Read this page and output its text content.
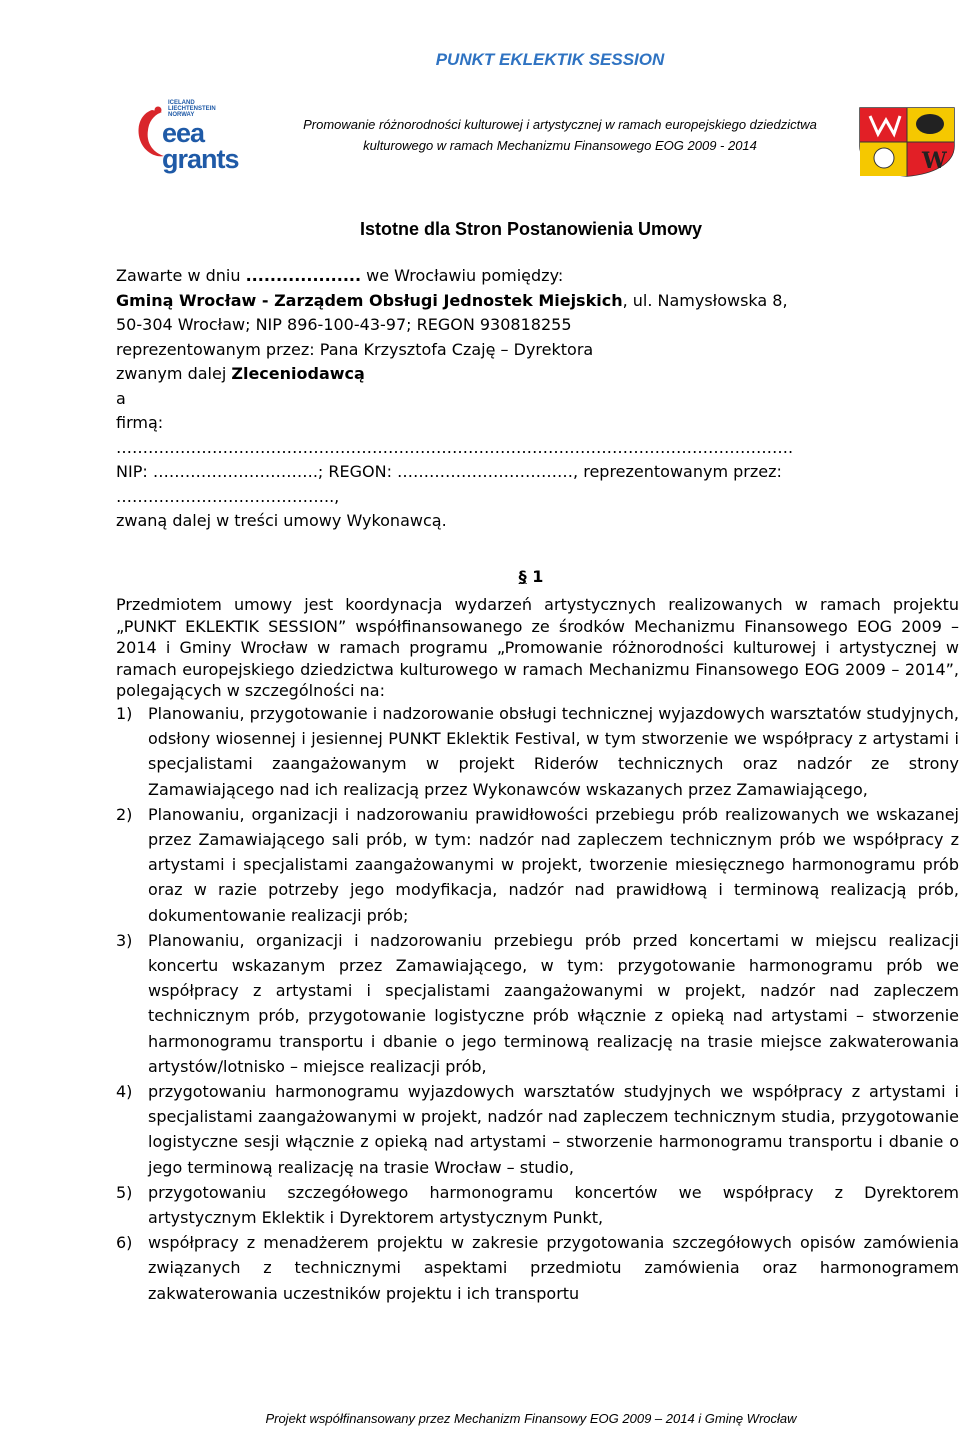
PUNKT EKLEKTIK SESSION
ICELAND
LIECHTENSTEIN
NORWAY
eea
grants
Promowanie różnorodności kulturowej i artystycznej w ramach europejskiego dziedzictwa
kulturowego w ramach Mechanizmu Finansowego EOG 2009 - 2014
W
Istotne dla Stron Postanowienia Umowy

Zawarte w dniu ................... we Wrocławiu pomiędzy:

Gminą Wrocław - Zarządem Obsługi Jednostek Miejskich, ul. Namysłowska 8,

50-304 Wrocław; NIP 896-100-43-97; REGON 930818255

reprezentowanym przez: Pana Krzysztofa Czaję – Dyrektora

zwanym dalej Zleceniodawcą

a

firmą:

……………………………………………………………………………………………………………….

NIP: ………………………….; REGON: ……………………………, reprezentowanym przez:

…………………………………..,

zwaną dalej w treści umowy Wykonawcą.

§ 1

Przedmiotem umowy jest koordynacja wydarzeń artystycznych realizowanych w ramach projektu „PUNKT EKLEKTIK SESSION” współfinansowanego ze środków Mechanizmu Finansowego EOG 2009 – 2014 i Gminy Wrocław w ramach programu „Promowanie różnorodności kulturowej i artystycznej w ramach europejskiego dziedzictwa kulturowego w ramach Mechanizmu Finansowego EOG 2009 – 2014”, polegających w szczególności na:

1) Planowaniu, przygotowanie i nadzorowanie obsługi technicznej wyjazdowych warsztatów studyjnych, odsłony wiosennej i jesiennej PUNKT Eklektik Festival, w tym stworzenie we współpracy z artystami i specjalistami zaangażowanym w projekt Riderów technicznych oraz nadzór ze strony Zamawiającego nad ich realizacją przez Wykonawców wskazanych przez Zamawiającego,
2) Planowaniu, organizacji i nadzorowaniu prawidłowości przebiegu prób realizowanych we wskazanej przez Zamawiającego sali prób, w tym: nadzór nad zapleczem technicznym prób we współpracy z artystami i specjalistami zaangażowanymi w projekt, tworzenie miesięcznego harmonogramu prób oraz w razie potrzeby jego modyfikacja, nadzór nad prawidłową i terminową realizacją prób, dokumentowanie realizacji prób;
3) Planowaniu, organizacji i nadzorowaniu przebiegu prób przed koncertami w miejscu realizacji koncertu wskazanym przez Zamawiającego, w tym: przygotowanie harmonogramu prób we współpracy z artystami i specjalistami zaangażowanymi w projekt, nadzór nad zapleczem technicznym prób, przygotowanie logistyczne prób włącznie z opieką nad artystami – stworzenie harmonogramu transportu i dbanie o jego terminową realizację na trasie miejsce zakwaterowania artystów/lotnisko – miejsce realizacji prób,
4) przygotowaniu harmonogramu wyjazdowych warsztatów studyjnych we współpracy z artystami i specjalistami zaangażowanymi w projekt, nadzór nad zapleczem technicznym studia, przygotowanie logistyczne sesji włącznie z opieką nad artystami – stworzenie harmonogramu transportu i dbanie o jego terminową realizację na trasie Wrocław – studio,
5) przygotowaniu szczegółowego harmonogramu koncertów we współpracy z Dyrektorem artystycznym Eklektik i Dyrektorem artystycznym Punkt,
6) współpracy z menadżerem projektu w zakresie przygotowania szczegółowych opisów zamówienia związanych z technicznymi aspektami przedmiotu zamówienia oraz harmonogramem zakwaterowania uczestników projektu i ich transportu
Projekt współfinansowany przez Mechanizm Finansowy EOG 2009 – 2014 i Gminę Wrocław
